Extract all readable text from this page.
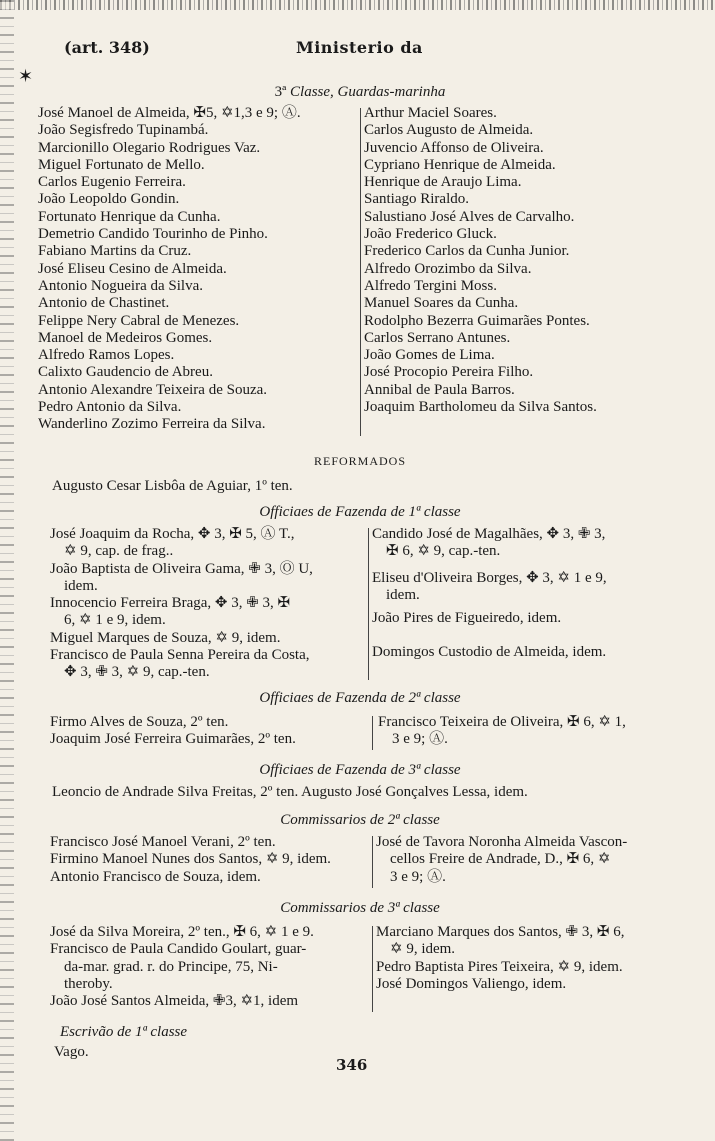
✶
(art. 348)	Ministerio da
3ª Classe, Guardas-marinha
José Manoel de Almeida, ✠5, ✡1,3 e 9; Ⓐ.
João Segisfredo Tupinambá.
Marcionillo Olegario Rodrigues Vaz.
Miguel Fortunato de Mello.
Carlos Eugenio Ferreira.
João Leopoldo Gondin.
Fortunato Henrique da Cunha.
Demetrio Candido Tourinho de Pinho.
Fabiano Martins da Cruz.
José Eliseu Cesino de Almeida.
Antonio Nogueira da Silva.
Antonio de Chastinet.
Felippe Nery Cabral de Menezes.
Manoel de Medeiros Gomes.
Alfredo Ramos Lopes.
Calixto Gaudencio de Abreu.
Antonio Alexandre Teixeira de Souza.
Pedro Antonio da Silva.
Wanderlino Zozimo Ferreira da Silva.
Arthur Maciel Soares.
Carlos Augusto de Almeida.
Juvencio Affonso de Oliveira.
Cypriano Henrique de Almeida.
Henrique de Araujo Lima.
Santiago Riraldo.
Salustiano José Alves de Carvalho.
João Frederico Gluck.
Frederico Carlos da Cunha Junior.
Alfredo Orozimbo da Silva.
Alfredo Tergini Moss.
Manuel Soares da Cunha.
Rodolpho Bezerra Guimarães Pontes.
Carlos Serrano Antunes.
João Gomes de Lima.
José Procopio Pereira Filho.
Annibal de Paula Barros.
Joaquim Bartholomeu da Silva Santos.
REFORMADOS
Augusto Cesar Lisbôa de Aguiar, 1º ten.
Officiaes de Fazenda de 1ª classe
José Joaquim da Rocha, ✥ 3, ✠ 5, Ⓐ T.,
✡ 9, cap. de frag..
João Baptista de Oliveira Gama, ✙ 3, Ⓞ U,
idem.
Innocencio Ferreira Braga, ✥ 3, ✙ 3, ✠
6, ✡ 1 e 9, idem.
Miguel Marques de Souza, ✡ 9, idem.
Francisco de Paula Senna Pereira da Costa,
✥ 3, ✙ 3, ✡ 9, cap.-ten.
Candido José de Magalhães, ✥ 3, ✙ 3,
✠ 6, ✡ 9, cap.-ten.
Eliseu d'Oliveira Borges, ✥ 3, ✡ 1 e 9,
idem.
João Pires de Figueiredo, idem.
Domingos Custodio de Almeida, idem.
Officiaes de Fazenda de 2ª classe
Firmo Alves de Souza, 2º ten.
Joaquim José Ferreira Guimarães, 2º ten.
Francisco Teixeira de Oliveira, ✠ 6, ✡ 1,
3 e 9; Ⓐ.
Officiaes de Fazenda de 3ª classe
Leoncio de Andrade Silva Freitas, 2º ten. Augusto José Gonçalves Lessa, idem.
Commissarios de 2ª classe
Francisco José Manoel Verani, 2º ten.
Firmino Manoel Nunes dos Santos, ✡ 9, idem.
Antonio Francisco de Souza, idem.
José de Tavora Noronha Almeida Vascon-
cellos Freire de Andrade, D., ✠ 6, ✡
3 e 9; Ⓐ.
Commissarios de 3ª classe
José da Silva Moreira, 2º ten., ✠ 6, ✡ 1 e 9.
Francisco de Paula Candido Goulart, guar-
da-mar. grad. r. do Principe, 75, Ni-
theroby.
João José Santos Almeida, ✙3, ✡1, idem
Marciano Marques dos Santos, ✙ 3, ✠ 6,
✡ 9, idem.
Pedro Baptista Pires Teixeira, ✡ 9, idem.
José Domingos Valiengo, idem.
Escrivão de 1ª classe
Vago.
346
